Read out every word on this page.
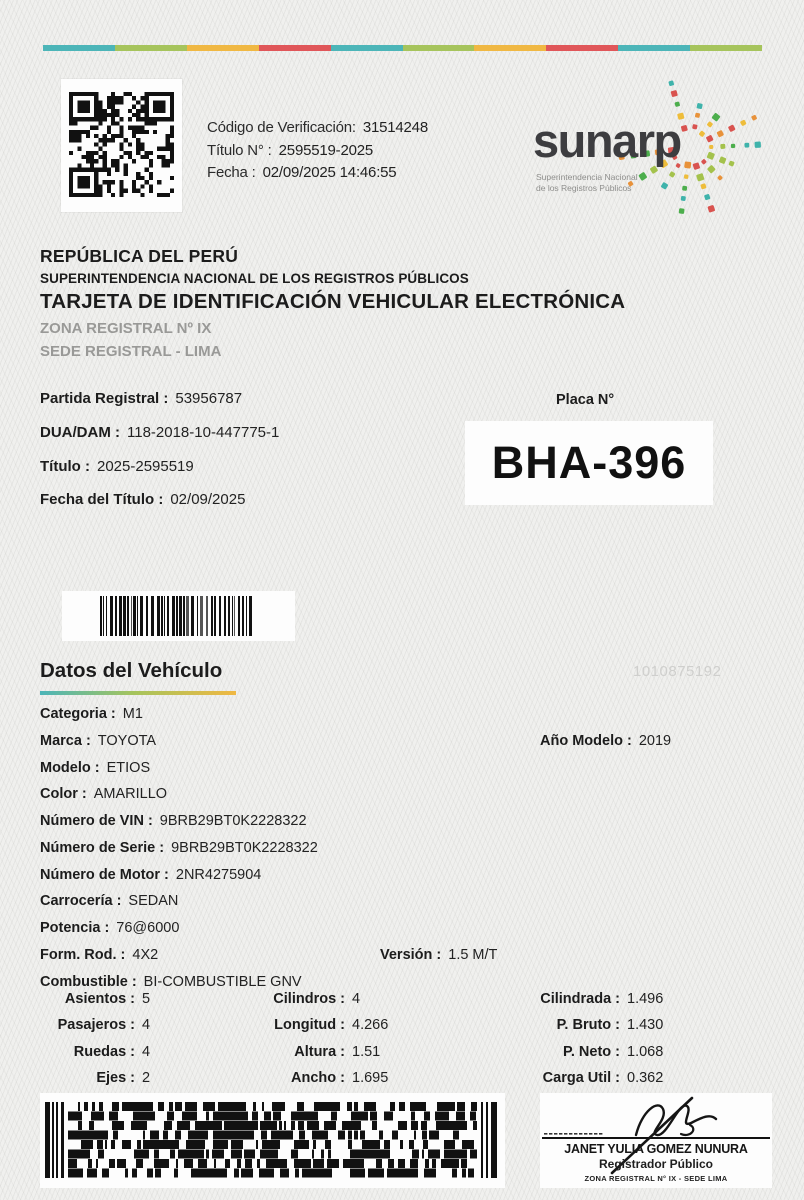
Código de Verificación: 31514248
Título N° : 2595519-2025
Fecha : 02/09/2025 14:46:55
sunarp
Superintendencia Nacional
de los Registros Públicos
REPÚBLICA DEL PERÚ
SUPERINTENDENCIA NACIONAL DE LOS REGISTROS PÚBLICOS
TARJETA DE IDENTIFICACIÓN VEHICULAR ELECTRÓNICA
ZONA REGISTRAL Nº IX
SEDE REGISTRAL - LIMA
Partida Registral : 53956787
DUA/DAM : 118-2018-10-447775-1
Título : 2025-2595519
Fecha del Título : 02/09/2025
Placa N°
BHA-396
Datos del Vehículo	1010875192
Categoria : M1
Marca : TOYOTA
Modelo : ETIOS
Color : AMARILLO
Número de VIN : 9BRB29BT0K2228322
Número de Serie : 9BRB29BT0K2228322
Número de Motor : 2NR4275904
Carrocería : SEDAN
Potencia : 76@6000
Form. Rod. : 4X2
Combustible : BI-COMBUSTIBLE GNV
Año Modelo : 2019
Versión : 1.5 M/T
Asientos : 5
Pasajeros : 4
Ruedas : 4
Ejes : 2
Cilindros : 4
Longitud : 4.266
Altura : 1.51
Ancho : 1.695
Cilindrada : 1.496
P. Bruto : 1.430
P. Neto : 1.068
Carga Util : 0.362
JANET YULIA GOMEZ NUNURA
Registrador Público
ZONA REGISTRAL N° IX - SEDE LIMA
